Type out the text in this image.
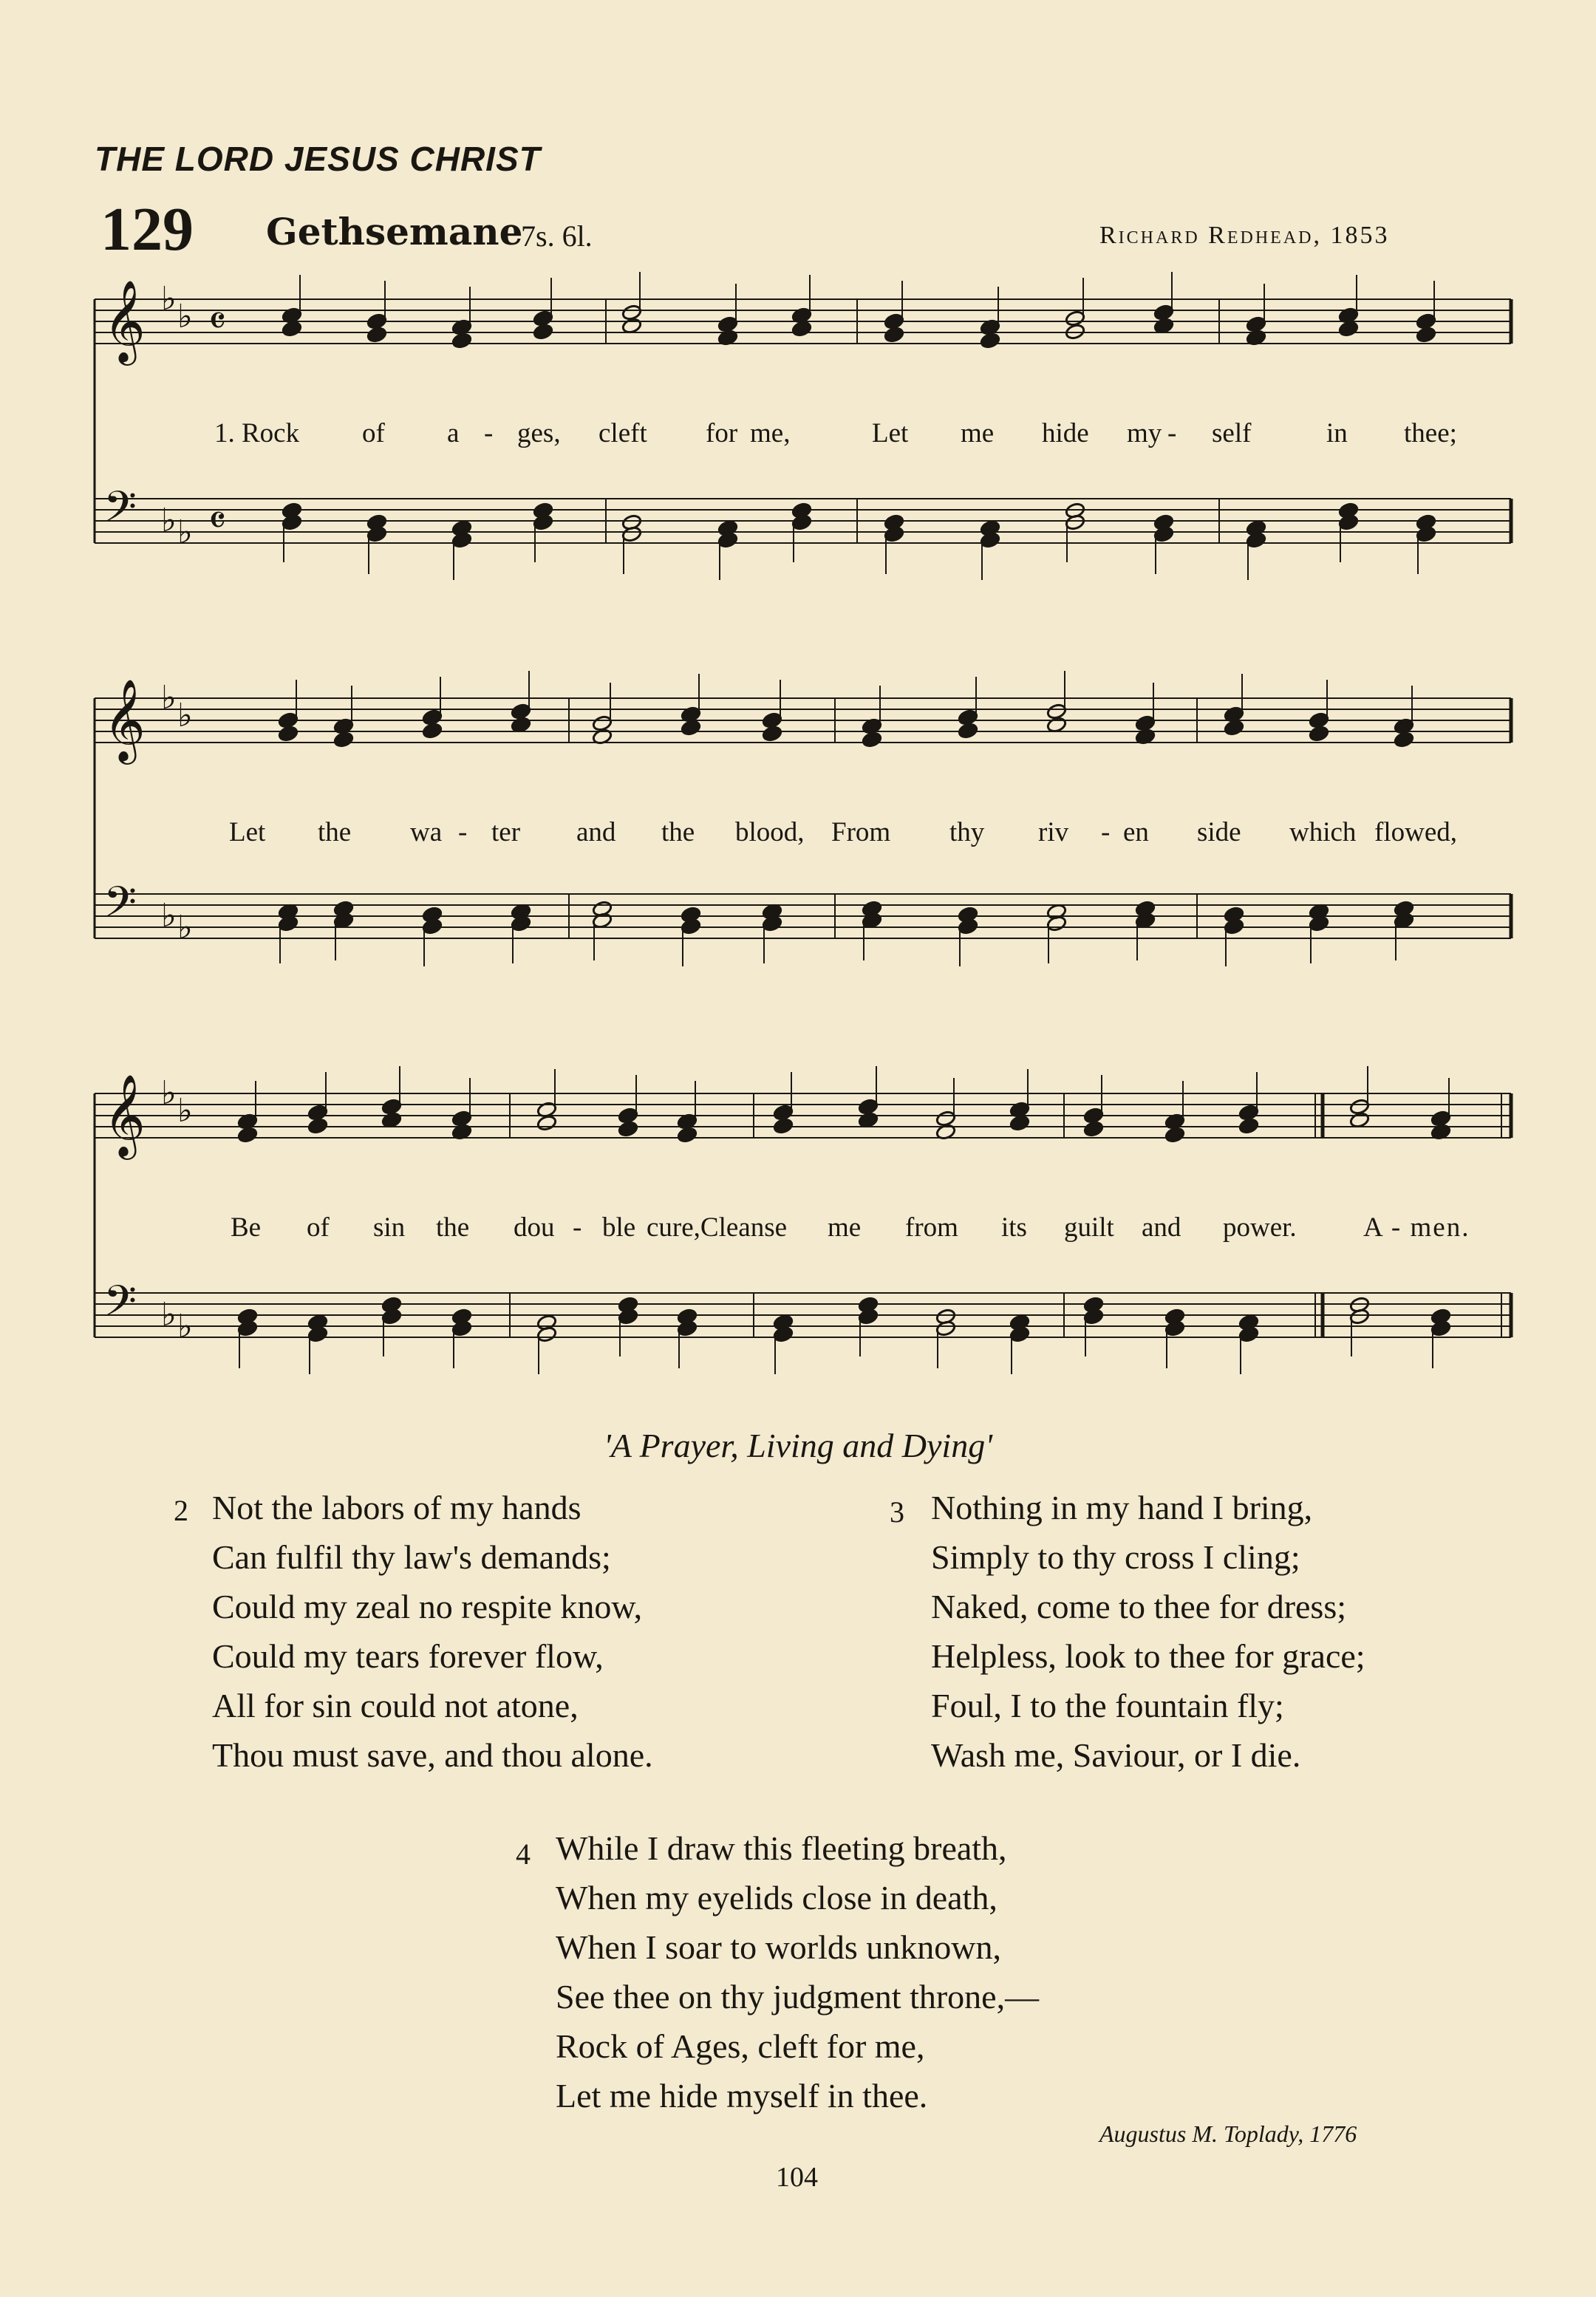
THE LORD JESUS CHRIST
129 Gethsemane
7s. 6l.	Richard Redhead, 1853
𝄞 ♭ ♭ 𝄴
𝄢 ♭ ♭ 𝄴
𝄞 ♭ ♭
𝄢 ♭ ♭
𝄞 ♭ ♭
𝄢 ♭ ♭
1. Rock of a - ges, cleft for me,	Let me hide my - self	in thee;
Let the wa - ter and the blood, From thy riv - en side which flowed,
Be of sin the dou - ble cure,Cleanse me from its guilt and power. A - men.
'A Prayer, Living and Dying'
2 Not the labors of my hands
Can fulfil thy law's demands;
Could my zeal no respite know,
Could my tears forever flow,
All for sin could not atone,
Thou must save, and thou alone.
3 Nothing in my hand I bring,
Simply to thy cross I cling;
Naked, come to thee for dress;
Helpless, look to thee for grace;
Foul, I to the fountain fly;
Wash me, Saviour, or I die.
4 While I draw this fleeting breath,
When my eyelids close in death,
When I soar to worlds unknown,
See thee on thy judgment throne,—
Rock of Ages, cleft for me,
Let me hide myself in thee.
Augustus M. Toplady, 1776
104
